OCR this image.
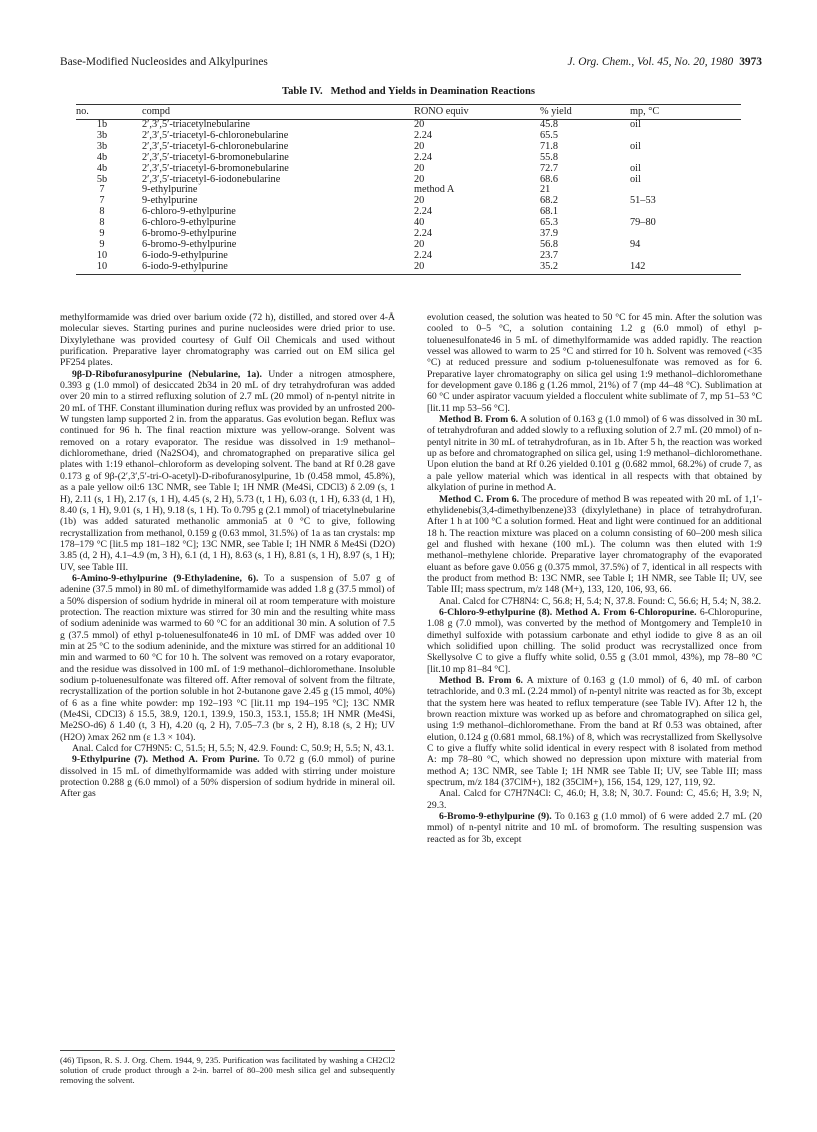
Base-Modified Nucleosides and Alkylpurines	J. Org. Chem., Vol. 45, No. 20, 1980 3973
Table IV. Method and Yields in Deamination Reactions
no.	compd	RONO equiv	% yield	mp, °C
1b	2′,3′,5′-triacetylnebularine	20	45.8	oil
3b	2′,3′,5′-triacetyl-6-chloronebularine	2.24	65.5	
3b	2′,3′,5′-triacetyl-6-chloronebularine	20	71.8	oil
4b	2′,3′,5′-triacetyl-6-bromonebularine	2.24	55.8	
4b	2′,3′,5′-triacetyl-6-bromonebularine	20	72.7	oil
5b	2′,3′,5′-triacetyl-6-iodonebularine	20	68.6	oil
7	9-ethylpurine	method A	21	
7	9-ethylpurine	20	68.2	51–53
8	6-chloro-9-ethylpurine	2.24	68.1	
8	6-chloro-9-ethylpurine	40	65.3	79–80
9	6-bromo-9-ethylpurine	2.24	37.9	
9	6-bromo-9-ethylpurine	20	56.8	94
10	6-iodo-9-ethylpurine	2.24	23.7	
10	6-iodo-9-ethylpurine	20	35.2	142

methylformamide was dried over barium oxide (72 h), distilled, and stored over 4-Å molecular sieves. Starting purines and purine nucleosides were dried prior to use. Dixylylethane was provided courtesy of Gulf Oil Chemicals and used without purification. Preparative layer chromatography was carried out on EM silica gel PF254 plates.

9β-D-Ribofuranosylpurine (Nebularine, 1a). Under a nitrogen atmosphere, 0.393 g (1.0 mmol) of desiccated 2b34 in 20 mL of dry tetrahydrofuran was added over 20 min to a stirred refluxing solution of 2.7 mL (20 mmol) of n-pentyl nitrite in 20 mL of THF. Constant illumination during reflux was provided by an unfrosted 200-W tungsten lamp supported 2 in. from the apparatus. Gas evolution began. Reflux was continued for 96 h. The final reaction mixture was yellow-orange. Solvent was removed on a rotary evaporator. The residue was dissolved in 1:9 methanol–dichloromethane, dried (Na2SO4), and chromatographed on preparative silica gel plates with 1:19 ethanol–chloroform as developing solvent. The band at Rf 0.28 gave 0.173 g of 9β-(2′,3′,5′-tri-O-acetyl)-D-ribofuranosylpurine, 1b (0.458 mmol, 45.8%), as a pale yellow oil:6 13C NMR, see Table I; 1H NMR (Me4Si, CDCl3) δ 2.09 (s, 1 H), 2.11 (s, 1 H), 2.17 (s, 1 H), 4.45 (s, 2 H), 5.73 (t, 1 H), 6.03 (t, 1 H), 6.33 (d, 1 H), 8.40 (s, 1 H), 9.01 (s, 1 H), 9.18 (s, 1 H). To 0.795 g (2.1 mmol) of triacetylnebularine (1b) was added saturated methanolic ammonia5 at 0 °C to give, following recrystallization from methanol, 0.159 g (0.63 mmol, 31.5%) of 1a as tan crystals: mp 178–179 °C [lit.5 mp 181–182 °C]; 13C NMR, see Table I; 1H NMR δ Me4Si (D2O) 3.85 (d, 2 H), 4.1–4.9 (m, 3 H), 6.1 (d, 1 H), 8.63 (s, 1 H), 8.81 (s, 1 H), 8.97 (s, 1 H); UV, see Table III.

6-Amino-9-ethylpurine (9-Ethyladenine, 6). To a suspension of 5.07 g of adenine (37.5 mmol) in 80 mL of dimethylformamide was added 1.8 g (37.5 mmol) of a 50% dispersion of sodium hydride in mineral oil at room temperature with moisture protection. The reaction mixture was stirred for 30 min and the resulting white mass of sodium adeninide was warmed to 60 °C for an additional 30 min. A solution of 7.5 g (37.5 mmol) of ethyl p-toluenesulfonate46 in 10 mL of DMF was added over 10 min at 25 °C to the sodium adeninide, and the mixture was stirred for an additional 10 min and warmed to 60 °C for 10 h. The solvent was removed on a rotary evaporator, and the residue was dissolved in 100 mL of 1:9 methanol–dichloromethane. Insoluble sodium p-toluenesulfonate was filtered off. After removal of solvent from the filtrate, recrystallization of the portion soluble in hot 2-butanone gave 2.45 g (15 mmol, 40%) of 6 as a fine white powder: mp 192–193 °C [lit.11 mp 194–195 °C]; 13C NMR (Me4Si, CDCl3) δ 15.5, 38.9, 120.1, 139.9, 150.3, 153.1, 155.8; 1H NMR (Me4Si, Me2SO-d6) δ 1.40 (t, 3 H), 4.20 (q, 2 H), 7.05–7.3 (br s, 2 H), 8.18 (s, 2 H); UV (H2O) λmax 262 nm (ε 1.3 × 104).

Anal. Calcd for C7H9N5: C, 51.5; H, 5.5; N, 42.9. Found: C, 50.9; H, 5.5; N, 43.1.

9-Ethylpurine (7). Method A. From Purine. To 0.72 g (6.0 mmol) of purine dissolved in 15 mL of dimethylformamide was added with stirring under moisture protection 0.288 g (6.0 mmol) of a 50% dispersion of sodium hydride in mineral oil. After gas

evolution ceased, the solution was heated to 50 °C for 45 min. After the solution was cooled to 0–5 °C, a solution containing 1.2 g (6.0 mmol) of ethyl p-toluenesulfonate46 in 5 mL of dimethylformamide was added rapidly. The reaction vessel was allowed to warm to 25 °C and stirred for 10 h. Solvent was removed (<35 °C) at reduced pressure and sodium p-toluenesulfonate was removed as for 6. Preparative layer chromatography on silica gel using 1:9 methanol–dichloromethane for development gave 0.186 g (1.26 mmol, 21%) of 7 (mp 44–48 °C). Sublimation at 60 °C under aspirator vacuum yielded a flocculent white sublimate of 7, mp 51–53 °C [lit.11 mp 53–56 °C].

Method B. From 6. A solution of 0.163 g (1.0 mmol) of 6 was dissolved in 30 mL of tetrahydrofuran and added slowly to a refluxing solution of 2.7 mL (20 mmol) of n-pentyl nitrite in 30 mL of tetrahydrofuran, as in 1b. After 5 h, the reaction was worked up as before and chromatographed on silica gel, using 1:9 methanol–dichloromethane. Upon elution the band at Rf 0.26 yielded 0.101 g (0.682 mmol, 68.2%) of crude 7, as a pale yellow material which was identical in all respects with that obtained by alkylation of purine in method A.

Method C. From 6. The procedure of method B was repeated with 20 mL of 1,1′-ethylidenebis(3,4-dimethylbenzene)33 (dixylylethane) in place of tetrahydrofuran. After 1 h at 100 °C a solution formed. Heat and light were continued for an additional 18 h. The reaction mixture was placed on a column consisting of 60–200 mesh silica gel and flushed with hexane (100 mL). The column was then eluted with 1:9 methanol–methylene chloride. Preparative layer chromatography of the evaporated eluant as before gave 0.056 g (0.375 mmol, 37.5%) of 7, identical in all respects with the product from method B: 13C NMR, see Table I; 1H NMR, see Table II; UV, see Table III; mass spectrum, m/z 148 (M+), 133, 120, 106, 93, 66.

Anal. Calcd for C7H8N4: C, 56.8; H, 5.4; N, 37.8. Found: C, 56.6; H, 5.4; N, 38.2.

6-Chloro-9-ethylpurine (8). Method A. From 6-Chloropurine. 6-Chloropurine, 1.08 g (7.0 mmol), was converted by the method of Montgomery and Temple10 in dimethyl sulfoxide with potassium carbonate and ethyl iodide to give 8 as an oil which solidified upon chilling. The solid product was recrystallized once from Skellysolve C to give a fluffy white solid, 0.55 g (3.01 mmol, 43%), mp 78–80 °C [lit.10 mp 81–84 °C].

Method B. From 6. A mixture of 0.163 g (1.0 mmol) of 6, 40 mL of carbon tetrachloride, and 0.3 mL (2.24 mmol) of n-pentyl nitrite was reacted as for 3b, except that the system here was heated to reflux temperature (see Table IV). After 12 h, the brown reaction mixture was worked up as before and chromatographed on silica gel, using 1:9 methanol–dichloromethane. From the band at Rf 0.53 was obtained, after elution, 0.124 g (0.681 mmol, 68.1%) of 8, which was recrystallized from Skellysolve C to give a fluffy white solid identical in every respect with 8 isolated from method A: mp 78–80 °C, which showed no depression upon mixture with material from method A; 13C NMR, see Table I; 1H NMR see Table II; UV, see Table III; mass spectrum, m/z 184 (37ClM+), 182 (35ClM+), 156, 154, 129, 127, 119, 92.

Anal. Calcd for C7H7N4Cl: C, 46.0; H, 3.8; N, 30.7. Found: C, 45.6; H, 3.9; N, 29.3.

6-Bromo-9-ethylpurine (9). To 0.163 g (1.0 mmol) of 6 were added 2.7 mL (20 mmol) of n-pentyl nitrite and 10 mL of bromoform. The resulting suspension was reacted as for 3b, except

(46) Tipson, R. S. J. Org. Chem. 1944, 9, 235. Purification was facilitated by washing a CH2Cl2 solution of crude product through a 2-in. barrel of 80–200 mesh silica gel and subsequently removing the solvent.
